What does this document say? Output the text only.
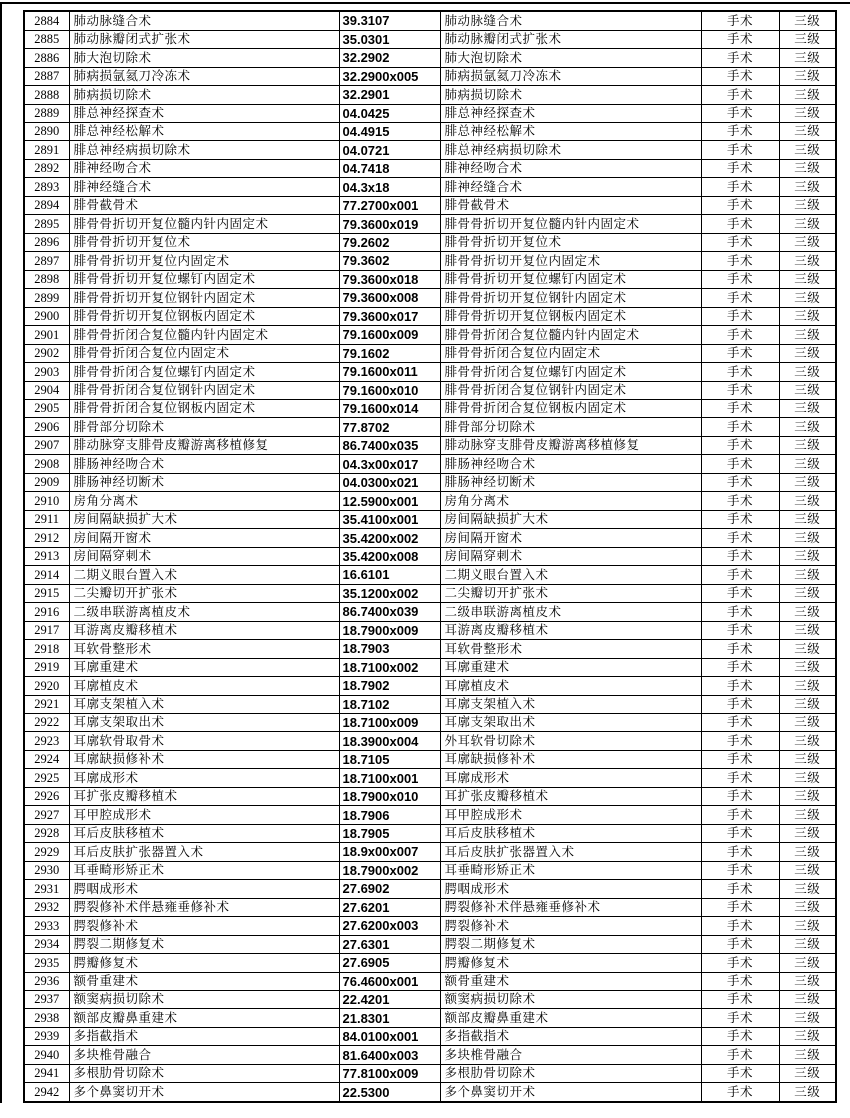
2884	肺动脉缝合术	39.3107	肺动脉缝合术	手术	三级
2885	肺动脉瓣闭式扩张术	35.0301	肺动脉瓣闭式扩张术	手术	三级
2886	肺大泡切除术	32.2902	肺大泡切除术	手术	三级
2887	肺病损氩氦刀冷冻术	32.2900x005	肺病损氩氦刀冷冻术	手术	三级
2888	肺病损切除术	32.2901	肺病损切除术	手术	三级
2889	腓总神经探查术	04.0425	腓总神经探查术	手术	三级
2890	腓总神经松解术	04.4915	腓总神经松解术	手术	三级
2891	腓总神经病损切除术	04.0721	腓总神经病损切除术	手术	三级
2892	腓神经吻合术	04.7418	腓神经吻合术	手术	三级
2893	腓神经缝合术	04.3x18	腓神经缝合术	手术	三级
2894	腓骨截骨术	77.2700x001	腓骨截骨术	手术	三级
2895	腓骨骨折切开复位髓内针内固定术	79.3600x019	腓骨骨折切开复位髓内针内固定术	手术	三级
2896	腓骨骨折切开复位术	79.2602	腓骨骨折切开复位术	手术	三级
2897	腓骨骨折切开复位内固定术	79.3602	腓骨骨折切开复位内固定术	手术	三级
2898	腓骨骨折切开复位螺钉内固定术	79.3600x018	腓骨骨折切开复位螺钉内固定术	手术	三级
2899	腓骨骨折切开复位钢针内固定术	79.3600x008	腓骨骨折切开复位钢针内固定术	手术	三级
2900	腓骨骨折切开复位钢板内固定术	79.3600x017	腓骨骨折切开复位钢板内固定术	手术	三级
2901	腓骨骨折闭合复位髓内针内固定术	79.1600x009	腓骨骨折闭合复位髓内针内固定术	手术	三级
2902	腓骨骨折闭合复位内固定术	79.1602	腓骨骨折闭合复位内固定术	手术	三级
2903	腓骨骨折闭合复位螺钉内固定术	79.1600x011	腓骨骨折闭合复位螺钉内固定术	手术	三级
2904	腓骨骨折闭合复位钢针内固定术	79.1600x010	腓骨骨折闭合复位钢针内固定术	手术	三级
2905	腓骨骨折闭合复位钢板内固定术	79.1600x014	腓骨骨折闭合复位钢板内固定术	手术	三级
2906	腓骨部分切除术	77.8702	腓骨部分切除术	手术	三级
2907	腓动脉穿支腓骨皮瓣游离移植修复	86.7400x035	腓动脉穿支腓骨皮瓣游离移植修复	手术	三级
2908	腓肠神经吻合术	04.3x00x017	腓肠神经吻合术	手术	三级
2909	腓肠神经切断术	04.0300x021	腓肠神经切断术	手术	三级
2910	房角分离术	12.5900x001	房角分离术	手术	三级
2911	房间隔缺损扩大术	35.4100x001	房间隔缺损扩大术	手术	三级
2912	房间隔开窗术	35.4200x002	房间隔开窗术	手术	三级
2913	房间隔穿刺术	35.4200x008	房间隔穿刺术	手术	三级
2914	二期义眼台置入术	16.6101	二期义眼台置入术	手术	三级
2915	二尖瓣切开扩张术	35.1200x002	二尖瓣切开扩张术	手术	三级
2916	二级串联游离植皮术	86.7400x039	二级串联游离植皮术	手术	三级
2917	耳游离皮瓣移植术	18.7900x009	耳游离皮瓣移植术	手术	三级
2918	耳软骨整形术	18.7903	耳软骨整形术	手术	三级
2919	耳廓重建术	18.7100x002	耳廓重建术	手术	三级
2920	耳廓植皮术	18.7902	耳廓植皮术	手术	三级
2921	耳廓支架植入术	18.7102	耳廓支架植入术	手术	三级
2922	耳廓支架取出术	18.7100x009	耳廓支架取出术	手术	三级
2923	耳廓软骨取骨术	18.3900x004	外耳软骨切除术	手术	三级
2924	耳廓缺损修补术	18.7105	耳廓缺损修补术	手术	三级
2925	耳廓成形术	18.7100x001	耳廓成形术	手术	三级
2926	耳扩张皮瓣移植术	18.7900x010	耳扩张皮瓣移植术	手术	三级
2927	耳甲腔成形术	18.7906	耳甲腔成形术	手术	三级
2928	耳后皮肤移植术	18.7905	耳后皮肤移植术	手术	三级
2929	耳后皮肤扩张器置入术	18.9x00x007	耳后皮肤扩张器置入术	手术	三级
2930	耳垂畸形矫正术	18.7900x002	耳垂畸形矫正术	手术	三级
2931	腭咽成形术	27.6902	腭咽成形术	手术	三级
2932	腭裂修补术伴悬雍垂修补术	27.6201	腭裂修补术伴悬雍垂修补术	手术	三级
2933	腭裂修补术	27.6200x003	腭裂修补术	手术	三级
2934	腭裂二期修复术	27.6301	腭裂二期修复术	手术	三级
2935	腭瓣修复术	27.6905	腭瓣修复术	手术	三级
2936	额骨重建术	76.4600x001	额骨重建术	手术	三级
2937	额窦病损切除术	22.4201	额窦病损切除术	手术	三级
2938	额部皮瓣鼻重建术	21.8301	额部皮瓣鼻重建术	手术	三级
2939	多指截指术	84.0100x001	多指截指术	手术	三级
2940	多块椎骨融合	81.6400x003	多块椎骨融合	手术	三级
2941	多根肋骨切除术	77.8100x009	多根肋骨切除术	手术	三级
2942	多个鼻窦切开术	22.5300	多个鼻窦切开术	手术	三级
